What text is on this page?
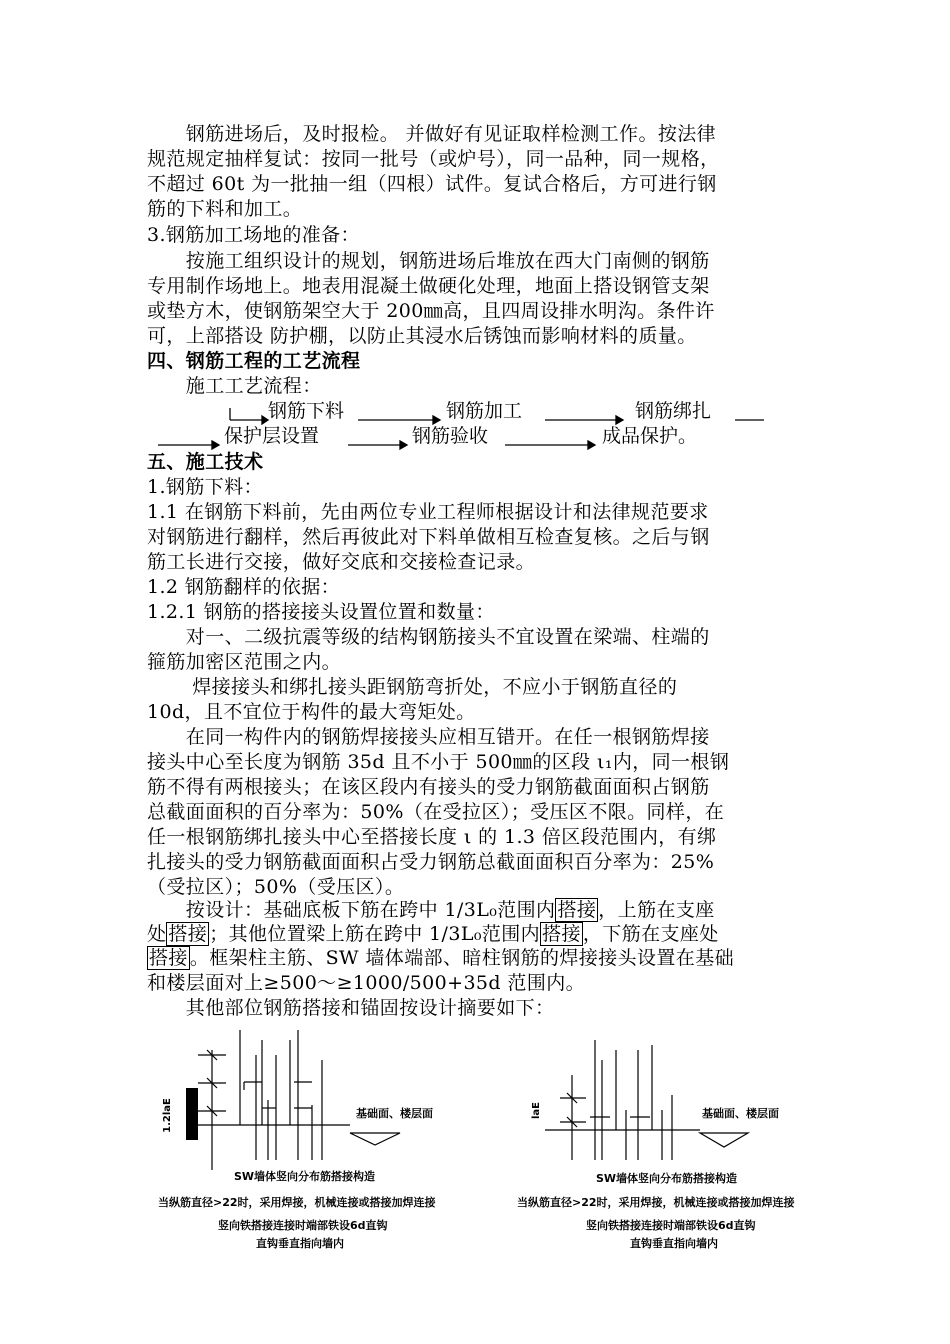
　　钢筋进场后，及时报检。 并做好有见证取样检测工作。按法律
规范规定抽样复试：按同一批号（或炉号），同一品种，同一规格，
不超过 60t 为一批抽一组（四根）试件。复试合格后，方可进行钢
筋的下料和加工。
3.钢筋加工场地的准备：
　　按施工组织设计的规划，钢筋进场后堆放在西大门南侧的钢筋
专用制作场地上。地表用混凝土做硬化处理，地面上搭设钢管支架
或垫方木，使钢筋架空大于 200㎜高，且四周设排水明沟。条件许
可，上部搭设 防护棚，以防止其浸水后锈蚀而影响材料的质量。
四、钢筋工程的工艺流程
　　施工工艺流程：
钢筋下料	钢筋加工	钢筋绑扎
保护层设置	钢筋验收	成品保护。
五、施工技术
1.钢筋下料：
1.1 在钢筋下料前，先由两位专业工程师根据设计和法律规范要求
对钢筋进行翻样，然后再彼此对下料单做相互检查复核。之后与钢
筋工长进行交接，做好交底和交接检查记录。
1.2 钢筋翻样的依据：
1.2.1 钢筋的搭接接头设置位置和数量：
　　对一、二级抗震等级的结构钢筋接头不宜设置在梁端、柱端的
箍筋加密区范围之内。
　　 焊接接头和绑扎接头距钢筋弯折处，不应小于钢筋直径的
10d，且不宜位于构件的最大弯矩处。
　　在同一构件内的钢筋焊接接头应相互错开。在任一根钢筋焊接
接头中心至长度为钢筋 35d 且不小于 500㎜的区段 ι₁内，同一根钢
筋不得有两根接头；在该区段内有接头的受力钢筋截面面积占钢筋
总截面面积的百分率为：50%（在受拉区）；受压区不限。同样，在
任一根钢筋绑扎接头中心至搭接长度 ι 的 1.3 倍区段范围内，有绑
扎接头的受力钢筋截面面积占受力钢筋总截面面积百分率为：25%
（受拉区）；50%（受压区）。
　　按设计：基础底板下筋在跨中 1/3L₀范围内 搭接 ，上筋在支座
处 搭接 ；其他位置梁上筋在跨中 1/3L₀范围内 搭接 ，下筋在支座处
搭接 。框架柱主筋、SW 墙体端部、暗柱钢筋的焊接接头设置在基础
和楼层面对上≥500～≥1000/500+35d 范围内。
　　其他部位钢筋搭接和锚固按设计摘要如下：
基础面、楼层面
SW墙体竖向分布筋搭接构造
当纵筋直径>22时，采用焊接，机械连接或搭接加焊连接
竖向铁搭接连接时端部铁设6d直钩
直钩垂直指向墙内
1.2laE	基础面、楼层面
SW墙体竖向分布筋搭接构造
当纵筋直径>22时，采用焊接，机械连接或搭接加焊连接
竖向铁搭接连接时端部铁设6d直钩
直钩垂直指向墙内
laE
